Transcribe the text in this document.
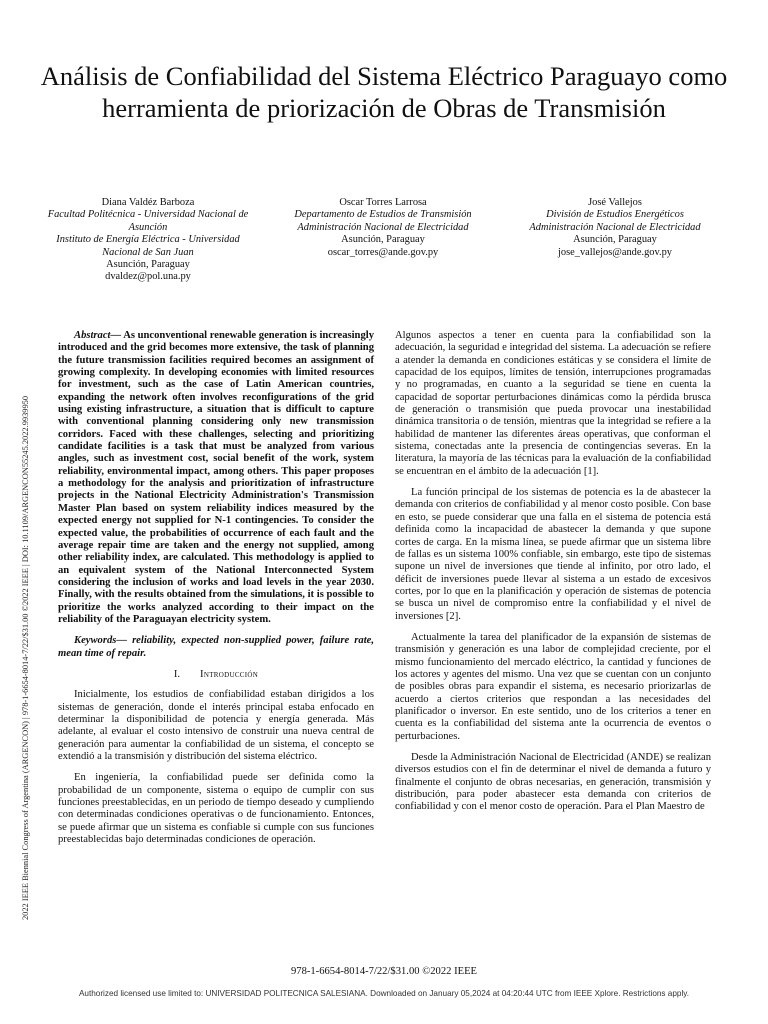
Análisis de Confiabilidad del Sistema Eléctrico Paraguayo como herramienta de priorización de Obras de Transmisión
2022 IEEE Biennial Congress of Argentina (ARGENCON) | 978-1-6654-8014-7/22/$31.00 ©2022 IEEE | DOI: 10.1109/ARGENCON55245.2022.9939950
Diana Valdéz Barboza
Facultad Politécnica - Universidad Nacional de Asunción
Instituto de Energía Eléctrica - Universidad Nacional de San Juan
Asunción, Paraguay
dvaldez@pol.una.py
Oscar Torres Larrosa
Departamento de Estudios de Transmisión
Administración Nacional de Electricidad
Asunción, Paraguay
oscar_torres@ande.gov.py
José Vallejos
División de Estudios Energéticos
Administración Nacional de Electricidad
Asunción, Paraguay
jose_vallejos@ande.gov.py

Abstract— As unconventional renewable generation is increasingly introduced and the grid becomes more extensive, the task of planning the future transmission facilities required becomes an assignment of growing complexity. In developing economies with limited resources for investment, such as the case of Latin American countries, expanding the network often involves reconfigurations of the grid using existing infrastructure, a situation that is difficult to capture with conventional planning considering only new transmission corridors. Faced with these challenges, selecting and prioritizing candidate facilities is a task that must be analyzed from various angles, such as investment cost, social benefit of the work, system reliability, environmental impact, among others. This paper proposes a methodology for the analysis and prioritization of infrastructure projects in the National Electricity Administration's Transmission Master Plan based on system reliability indices measured by the expected energy not supplied for N-1 contingencies. To consider the expected value, the probabilities of occurrence of each fault and the average repair time are taken and the energy not supplied, among other reliability index, are calculated. This methodology is applied to an equivalent system of the National Interconnected System considering the inclusion of works and load levels in the year 2030. Finally, with the results obtained from the simulations, it is possible to prioritize the works analyzed according to their impact on the reliability of the Paraguayan electricity system.

Keywords— reliability, expected non-supplied power, failure rate, mean time of repair.

I. Introducción

Inicialmente, los estudios de confiabilidad estaban dirigidos a los sistemas de generación, donde el interés principal estaba enfocado en determinar la disponibilidad de potencia y energía generada. Más adelante, al evaluar el costo intensivo de construir una nueva central de generación para aumentar la confiabilidad de un sistema, el concepto se extendió a la transmisión y distribución del sistema eléctrico.

En ingeniería, la confiabilidad puede ser definida como la probabilidad de un componente, sistema o equipo de cumplir con sus funciones preestablecidas, en un periodo de tiempo deseado y cumpliendo con determinadas condiciones operativas o de funcionamiento. Entonces, se puede afirmar que un sistema es confiable si cumple con sus funciones preestablecidas bajo determinadas condiciones de operación.

Algunos aspectos a tener en cuenta para la confiabilidad son la adecuación, la seguridad e integridad del sistema. La adecuación se refiere a atender la demanda en condiciones estáticas y se considera el límite de capacidad de los equipos, límites de tensión, interrupciones programadas y no programadas, en cuanto a la seguridad se tiene en cuenta la capacidad de soportar perturbaciones dinámicas como la pérdida brusca de generación o transmisión que pueda provocar una inestabilidad dinámica transitoria o de tensión, mientras que la integridad se refiere a la habilidad de mantener las diferentes áreas operativas, que conforman el sistema, conectadas ante la presencia de contingencias severas. En la literatura, la mayoría de las técnicas para la evaluación de la confiabilidad se encuentran en el ámbito de la adecuación [1].

La función principal de los sistemas de potencia es la de abastecer la demanda con criterios de confiabilidad y al menor costo posible. Con base en esto, se puede considerar que una falla en el sistema de potencia está definida como la incapacidad de abastecer la demanda y que supone cortes de carga. En la misma línea, se puede afirmar que un sistema libre de fallas es un sistema 100% confiable, sin embargo, este tipo de sistemas supone un nivel de inversiones que tiende al infinito, por otro lado, el déficit de inversiones puede llevar al sistema a un estado de excesivos cortes, por lo que en la planificación y operación de sistemas de potencia se busca un nivel de compromiso entre la confiabilidad y el nivel de inversiones [2].

Actualmente la tarea del planificador de la expansión de sistemas de transmisión y generación es una labor de complejidad creciente, por el mismo funcionamiento del mercado eléctrico, la cantidad y funciones de los actores y agentes del mismo. Una vez que se cuentan con un conjunto de posibles obras para expandir el sistema, es necesario priorizarlas de acuerdo a ciertos criterios que respondan a las necesidades del planificador o inversor. En este sentido, uno de los criterios a tener en cuenta es la confiabilidad del sistema ante la ocurrencia de eventos o perturbaciones.

Desde la Administración Nacional de Electricidad (ANDE) se realizan diversos estudios con el fin de determinar el nivel de demanda a futuro y finalmente el conjunto de obras necesarias, en generación, transmisión y distribución, para poder abastecer esta demanda con criterios de confiabilidad y con el menor costo de operación. Para el Plan Maestro de

978-1-6654-8014-7/22/$31.00 ©2022 IEEE
Authorized licensed use limited to: UNIVERSIDAD POLITECNICA SALESIANA. Downloaded on January 05,2024 at 04:20:44 UTC from IEEE Xplore. Restrictions apply.
